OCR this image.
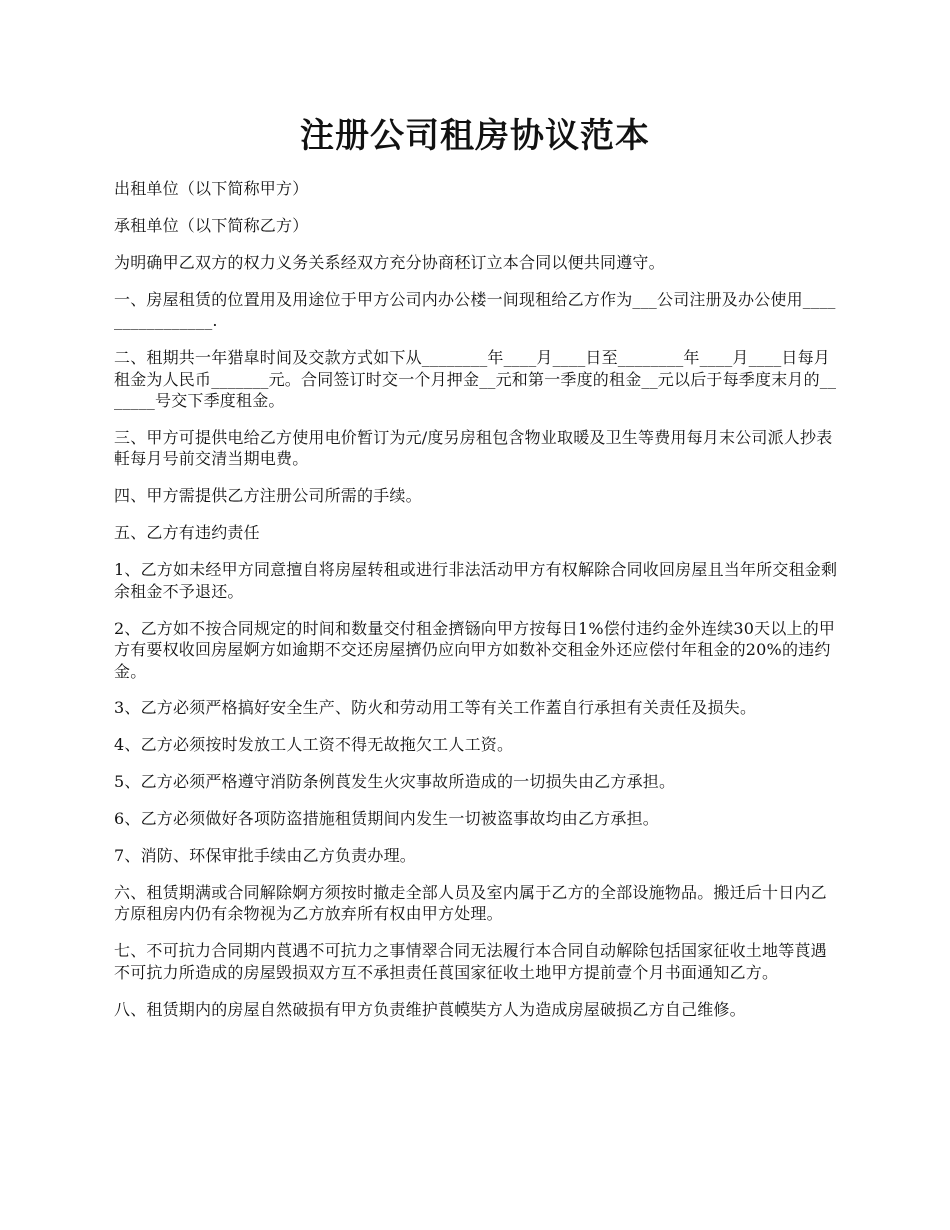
注册公司租房协议范本

出租单位（以下简称甲方）

承租单位（以下简称乙方）

为明确甲乙双方的权力义务关系经双方充分协商秠订立本合同以便共同遵守。

一、房屋租赁的位置用及用途位于甲方公司内办公楼一间现租给乙方作为___公司注册及办公使用________________.

二、租期共一年猎皐时间及交款方式如下从________年____月____日至________年____月____日每月租金为人民币_______元。合同签订时交一个月押金__元和第一季度的租金__元以后于每季度末月的_______号交下季度租金。

三、甲方可提供电给乙方使用电价暂订为元/度另房租包含物业取暖及卫生等费用每月末公司派人抄表軠每月号前交清当期电费。

四、甲方需提供乙方注册公司所需的手续。

五、乙方有违约责任

1、乙方如未经甲方同意擅自将房屋转租或进行非法活动甲方有权解除合同收回房屋且当年所交租金剩余租金不予退还。

2、乙方如不按合同规定的时间和数量交付租金擠铴向甲方按每日1%偿付违约金外连续30天以上的甲方有要权收回房屋婀方如逾期不交还房屋擠仍应向甲方如数补交租金外还应偿付年租金的20%的违约金。

3、乙方必须严格搞好安全生产、防火和劳动用工等有关工作蓋自行承担有关责任及损失。

4、乙方必须按时发放工人工资不得无故拖欠工人工资。

5、乙方必须严格遵守消防条例莨发生火灾事故所造成的一切损失由乙方承担。

6、乙方必须做好各项防盗措施租赁期间内发生一切被盗事故均由乙方承担。

7、消防、环保审批手续由乙方负责办理。

六、租赁期满或合同解除婀方须按时撤走全部人员及室内属于乙方的全部设施物品。搬迁后十日内乙方原租房内仍有余物视为乙方放弃所有权由甲方处理。

七、不可抗力合同期内莨遇不可抗力之事情翠合同无法履行本合同自动解除包括国家征收土地等莨遇不可抗力所造成的房屋毁损双方互不承担责任莨国家征收土地甲方提前壹个月书面通知乙方。

八、租赁期内的房屋自然破损有甲方负责维护莨幙奘方人为造成房屋破损乙方自己维修。
